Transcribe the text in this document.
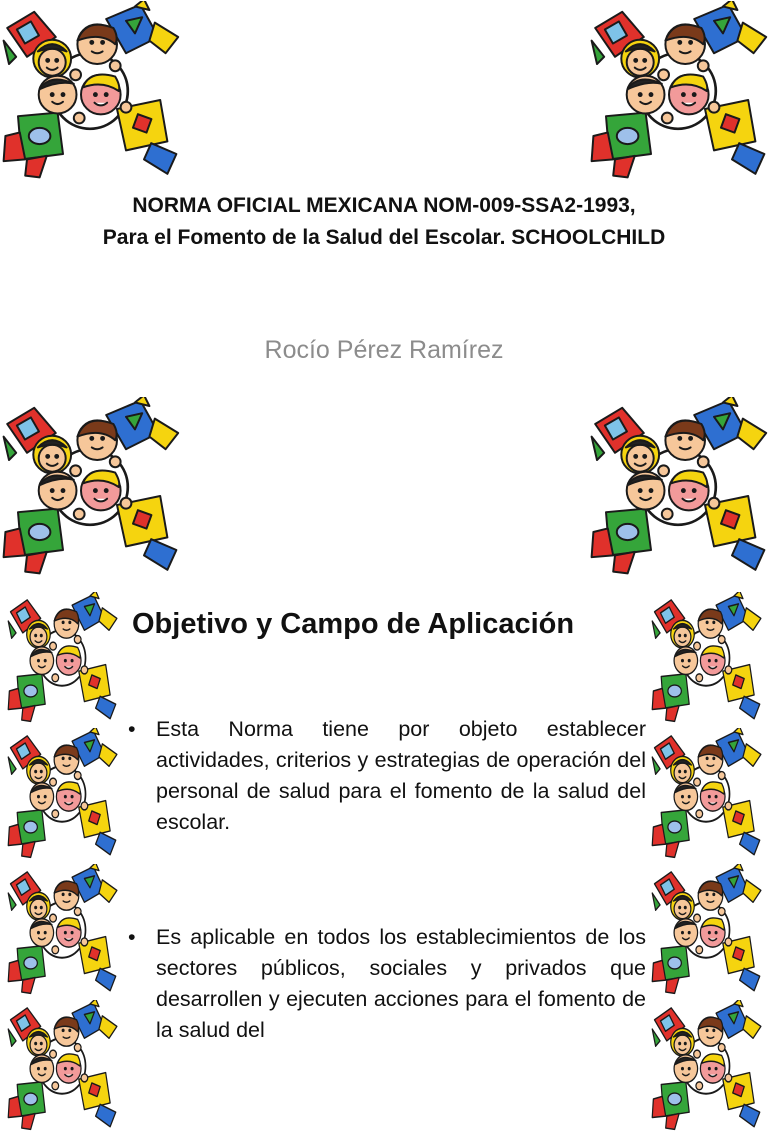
NORMA OFICIAL MEXICANA NOM-009-SSA2-1993,
Para el Fomento de la Salud del Escolar. SCHOOLCHILD
Rocío Pérez Ramírez
Objetivo y Campo de Aplicación
• Esta Norma tiene por objeto establecer actividades, criterios y estrategias de operación del personal de salud para el fomento de la salud del escolar.
• Es aplicable en todos los establecimientos de los sectores públicos, sociales y privados que desarrollen y ejecuten acciones para el fomento de la salud del
